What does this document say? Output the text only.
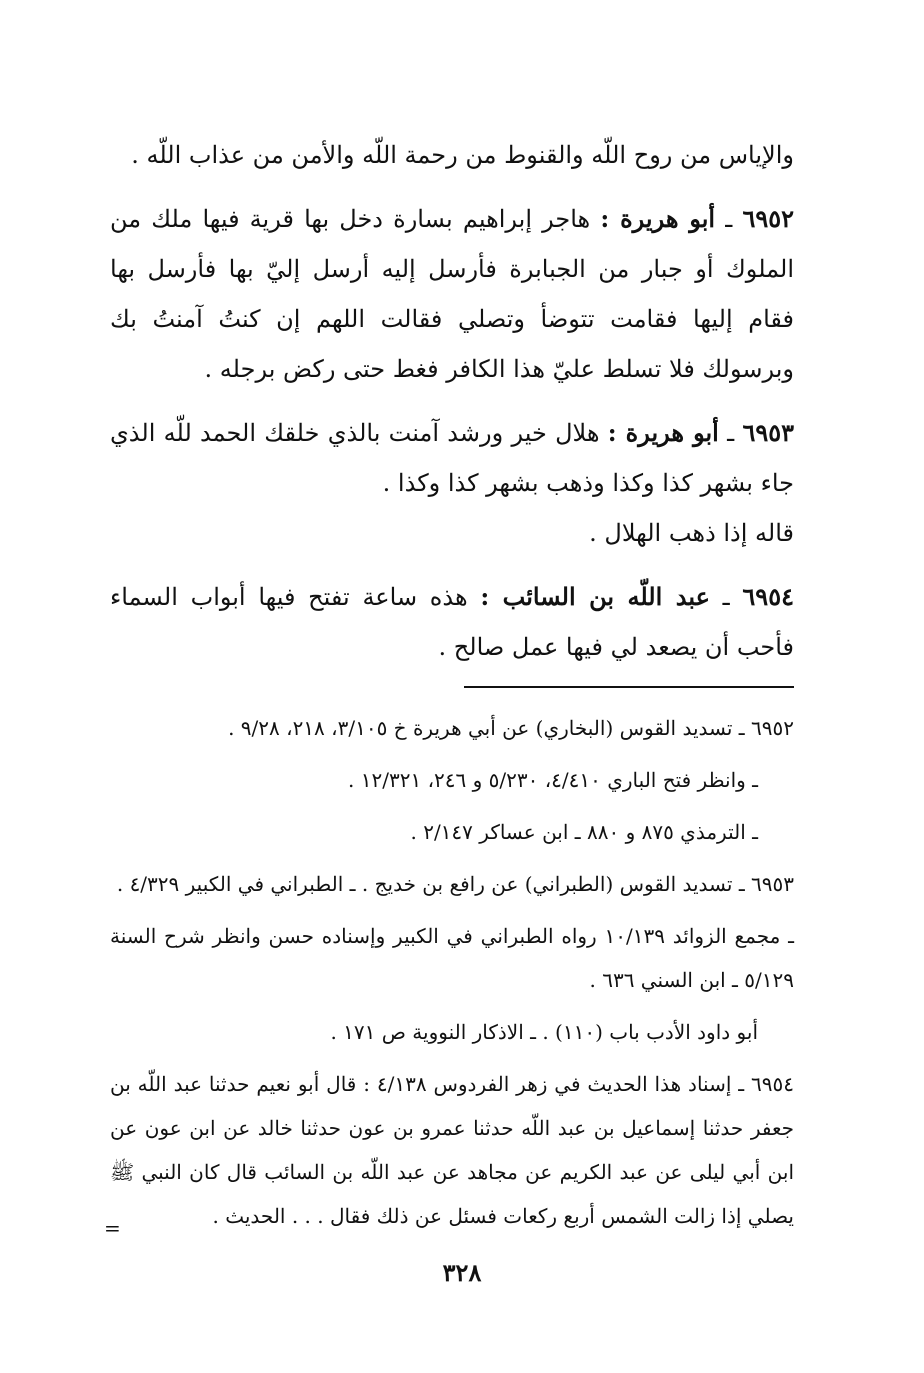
والإياس من روح اللّه والقنوط من رحمة اللّه والأمن من عذاب اللّه .

٦٩٥٢ ـ أبو هريرة : هاجر إبراهيم بسارة دخل بها قرية فيها ملك من الملوك أو جبار من الجبابرة فأرسل إليه أرسل إليّ بها فأرسل بها فقام إليها فقامت تتوضأ وتصلي فقالت اللهم إن كنتُ آمنتُ بك وبرسولك فلا تسلط عليّ هذا الكافر فغط حتى ركض برجله .

٦٩٥٣ ـ أبو هريرة : هلال خير ورشد آمنت بالذي خلقك الحمد للّه الذي جاء بشهر كذا وكذا وذهب بشهر كذا وكذا .

قاله إذا ذهب الهلال .

٦٩٥٤ ـ عبد اللّه بن السائب : هذه ساعة تفتح فيها أبواب السماء فأحب أن يصعد لي فيها عمل صالح .

٦٩٥٢ ـ تسديد القوس (البخاري) عن أبي هريرة خ ٣/١٠٥، ٢١٨، ٩/٢٨ .

ـ وانظر فتح الباري ٤/٤١٠، ٥/٢٣٠ و ٢٤٦، ١٢/٣٢١ .

ـ الترمذي ٨٧٥ و ٨٨٠ ـ ابن عساكر ٢/١٤٧ .

٦٩٥٣ ـ تسديد القوس (الطبراني) عن رافع بن خديج . ـ الطبراني في الكبير ٤/٣٢٩ .

ـ مجمع الزوائد ١٠/١٣٩ رواه الطبراني في الكبير وإسناده حسن وانظر شرح السنة ٥/١٢٩ ـ ابن السني ٦٣٦ .

أبو داود الأدب باب (١١٠) . ـ الاذكار النووية ص ١٧١ .

٦٩٥٤ ـ إسناد هذا الحديث في زهر الفردوس ٤/١٣٨ : قال أبو نعيم حدثنا عبد اللّه بن جعفر حدثنا إسماعيل بن عبد اللّه حدثنا عمرو بن عون حدثنا خالد عن ابن عون عن ابن أبي ليلى عن عبد الكريم عن مجاهد عن عبد اللّه بن السائب قال كان النبي ﷺ يصلي إذا زالت الشمس أربع ركعات فسئل عن ذلك فقال . . . الحديث .

=
٣٢٨
